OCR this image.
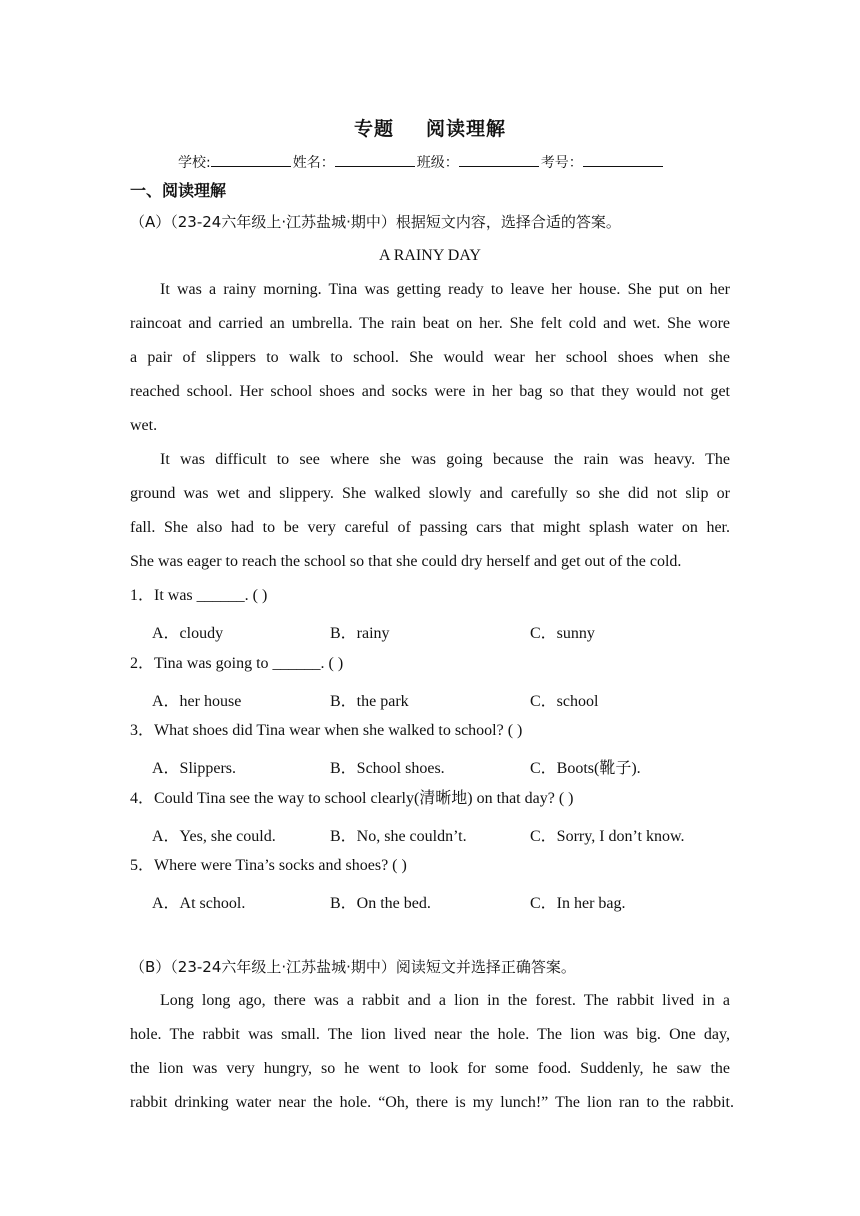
专题 阅读理解
学校:	姓名：	班级：	考号：
一、阅读理解
（A）（23-24六年级上·江苏盐城·期中）根据短文内容，选择合适的答案。
A RAINY DAY
It was a rainy morning. Tina was getting ready to leave her house. She put on her
raincoat and carried an umbrella. The rain beat on her. She felt cold and wet. She wore
a pair of slippers to walk to school. She would wear her school shoes when she
reached school. Her school shoes and socks were in her bag so that they would not get
wet.
It was difficult to see where she was going because the rain was heavy. The
ground was wet and slippery. She walked slowly and carefully so she did not slip or
fall. She also had to be very careful of passing cars that might splash water on her.
She was eager to reach the school so that she could dry herself and get out of the cold.
1．It was ______. ( )
A．cloudy	B．rainy	C．sunny
2．Tina was going to ______. ( )
A．her house	B．the park	C．school
3．What shoes did Tina wear when she walked to school? ( )
A．Slippers.	B．School shoes.	C．Boots(靴子).
4．Could Tina see the way to school clearly(清晰地) on that day? ( )
A．Yes, she could.	B．No, she couldn’t.	C．Sorry, I don’t know.
5．Where were Tina’s socks and shoes? ( )
A．At school.	B．On the bed.	C．In her bag.
（B）（23-24六年级上·江苏盐城·期中）阅读短文并选择正确答案。
Long long ago, there was a rabbit and a lion in the forest. The rabbit lived in a
hole. The rabbit was small. The lion lived near the hole. The lion was big. One day,
the lion was very hungry, so he went to look for some food. Suddenly, he saw the
rabbit drinking water near the hole. “Oh, there is my lunch!” The lion ran to the rabbit.
